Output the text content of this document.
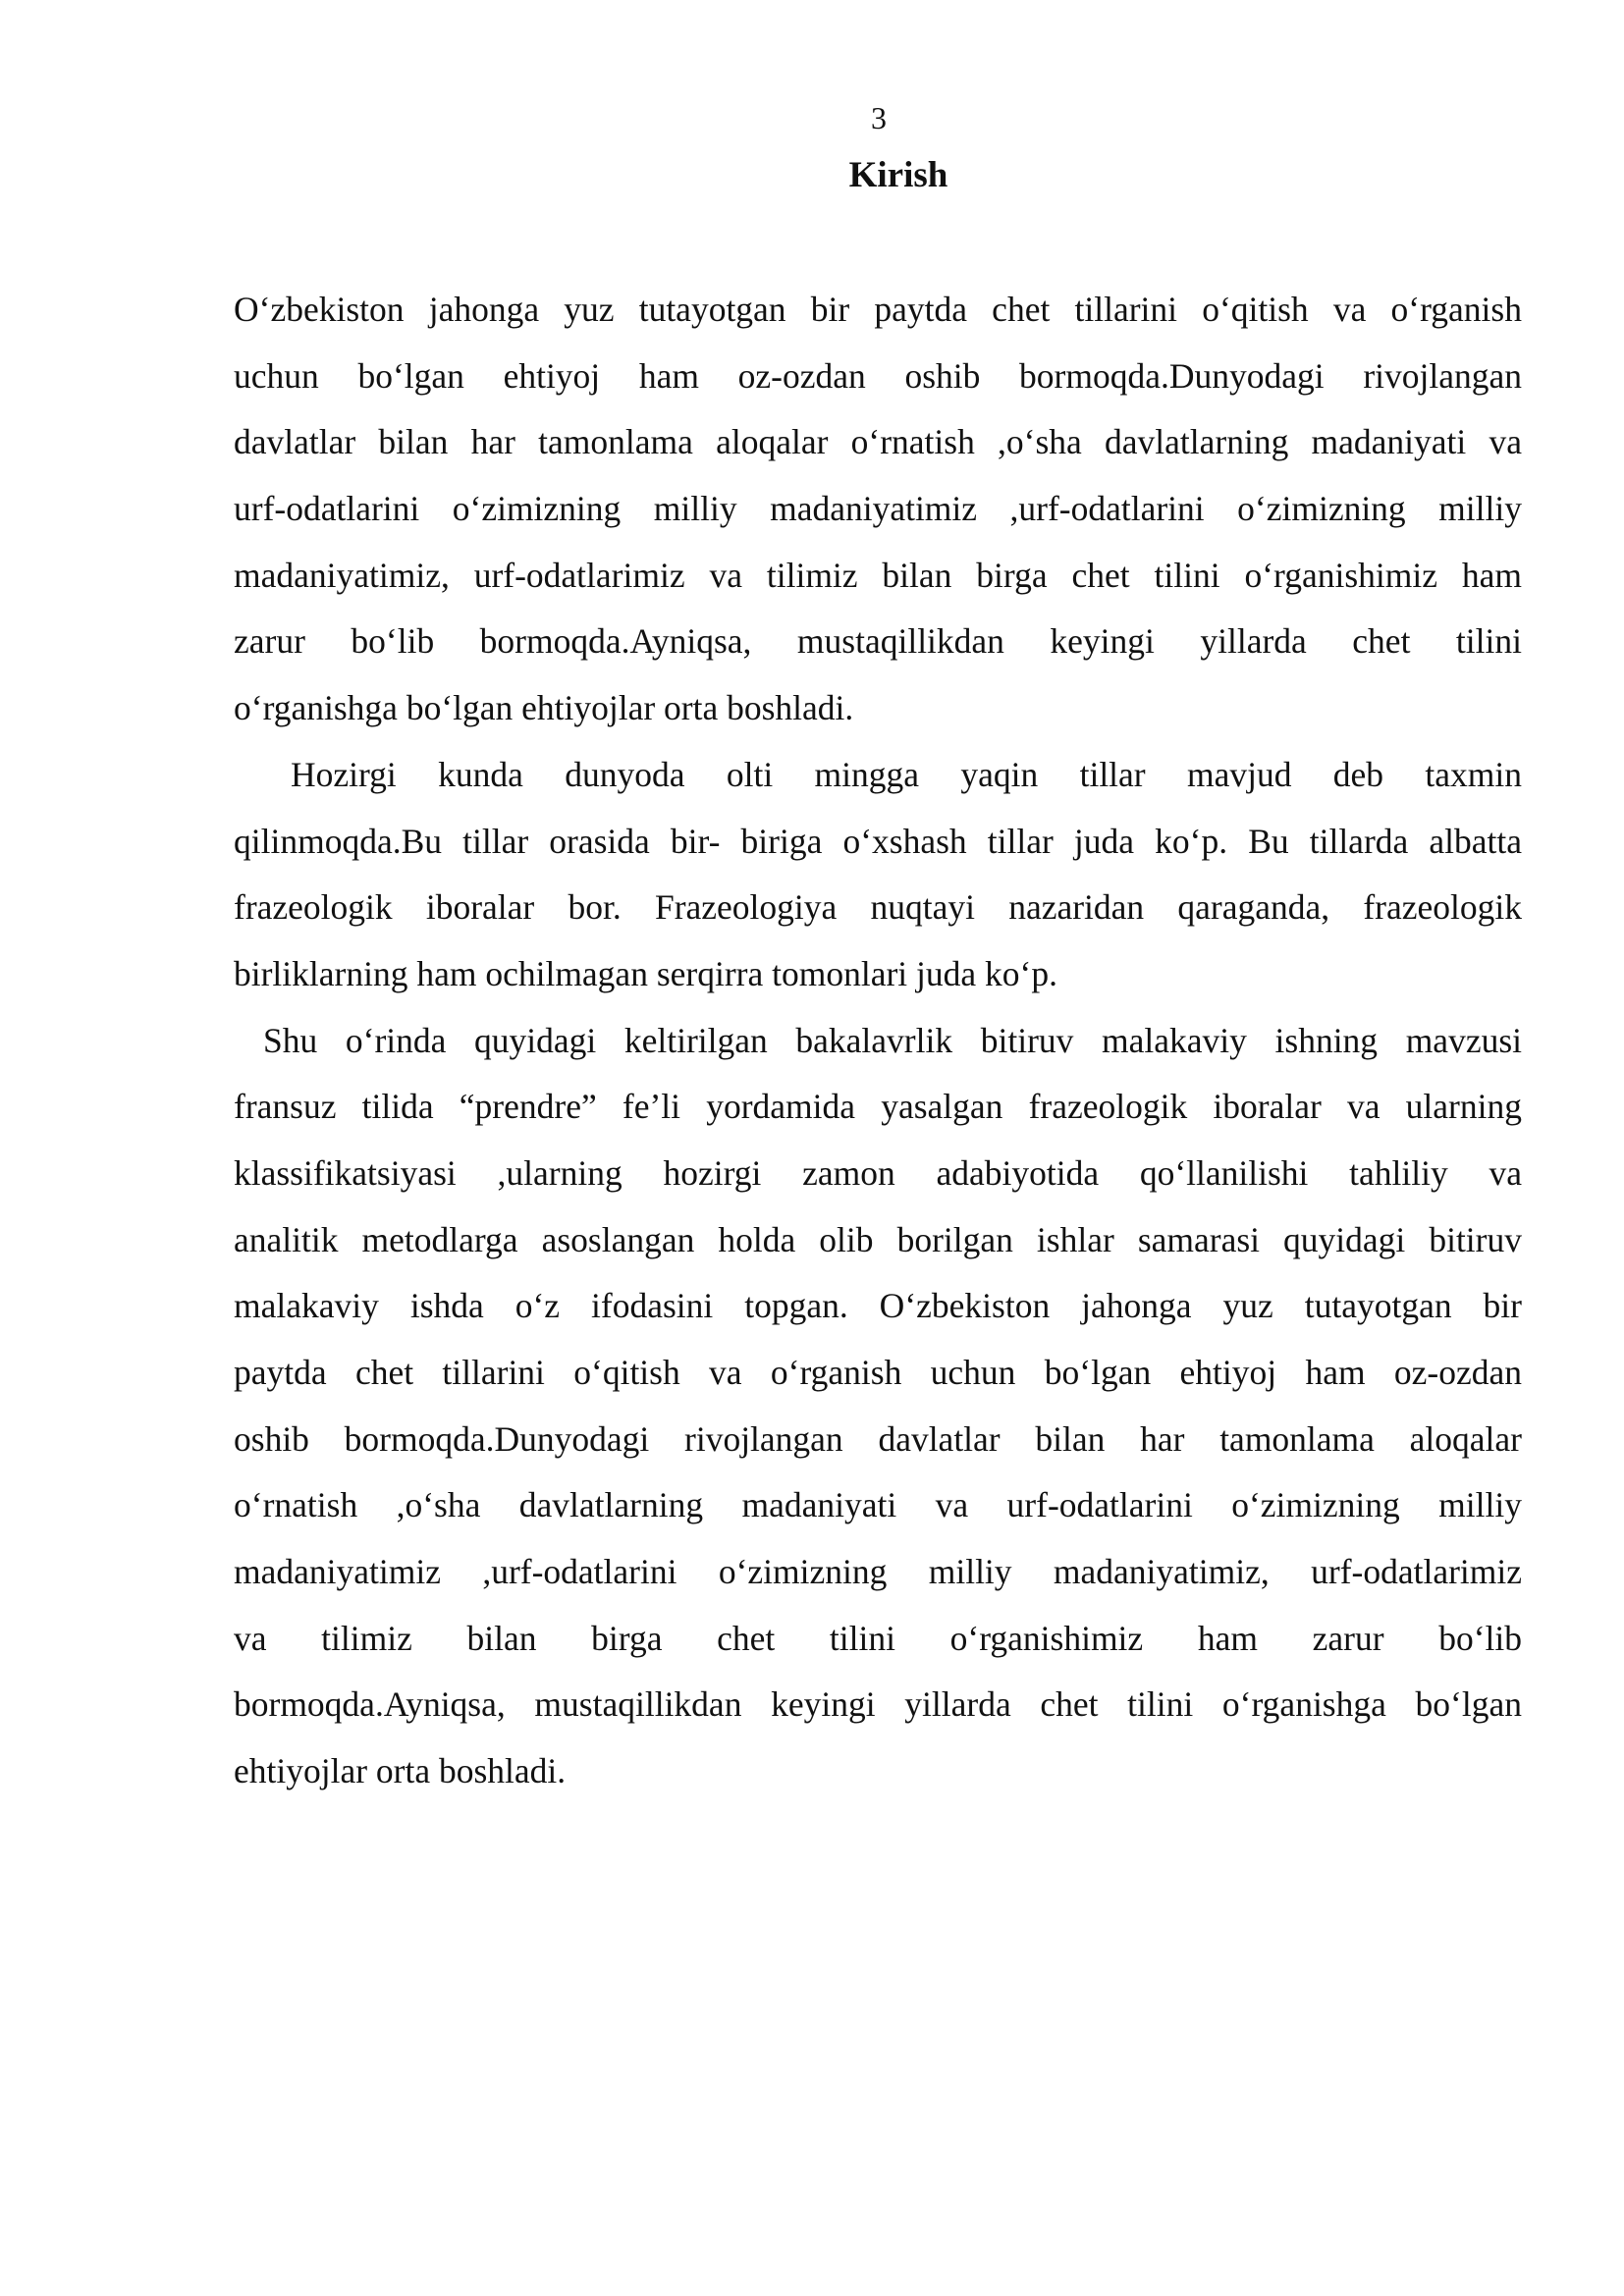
3
Kirish
Oʻzbekiston jahonga yuz tutayotgan bir paytda chet tillarini oʻqitish va oʻrganish
uchun boʻlgan ehtiyoj ham oz-ozdan oshib bormoqda.Dunyodagi rivojlangan
davlatlar bilan har tamonlama aloqalar oʻrnatish ,oʻsha davlatlarning madaniyati va
urf-odatlarini oʻzimizning milliy madaniyatimiz ,urf-odatlarini oʻzimizning milliy
madaniyatimiz, urf-odatlarimiz va tilimiz bilan birga chet tilini oʻrganishimiz ham
zarur boʻlib bormoqda.Ayniqsa, mustaqillikdan keyingi yillarda chet tilini
oʻrganishga boʻlgan ehtiyojlar orta boshladi.
Hozirgi kunda dunyoda olti mingga yaqin tillar mavjud deb taxmin
qilinmoqda.Bu tillar orasida bir- biriga oʻxshash tillar juda koʻp. Bu tillarda albatta
frazeologik iboralar bor. Frazeologiya nuqtayi nazaridan qaraganda, frazeologik
birliklarning ham ochilmagan serqirra tomonlari juda koʻp.
Shu oʻrinda quyidagi keltirilgan bakalavrlik bitiruv malakaviy ishning mavzusi
fransuz tilida “prendre” feʼli yordamida yasalgan frazeologik iboralar va ularning
klassifikatsiyasi ,ularning hozirgi zamon adabiyotida qoʻllanilishi tahliliy va
analitik metodlarga asoslangan holda olib borilgan ishlar samarasi quyidagi bitiruv
malakaviy ishda oʻz ifodasini topgan. Oʻzbekiston jahonga yuz tutayotgan bir
paytda chet tillarini oʻqitish va oʻrganish uchun boʻlgan ehtiyoj ham oz-ozdan
oshib bormoqda.Dunyodagi rivojlangan davlatlar bilan har tamonlama aloqalar
oʻrnatish ,oʻsha davlatlarning madaniyati va urf-odatlarini oʻzimizning milliy
madaniyatimiz ,urf-odatlarini oʻzimizning milliy madaniyatimiz, urf-odatlarimiz
va tilimiz bilan birga chet tilini oʻrganishimiz ham zarur boʻlib
bormoqda.Ayniqsa, mustaqillikdan keyingi yillarda chet tilini oʻrganishga boʻlgan
ehtiyojlar orta boshladi.
